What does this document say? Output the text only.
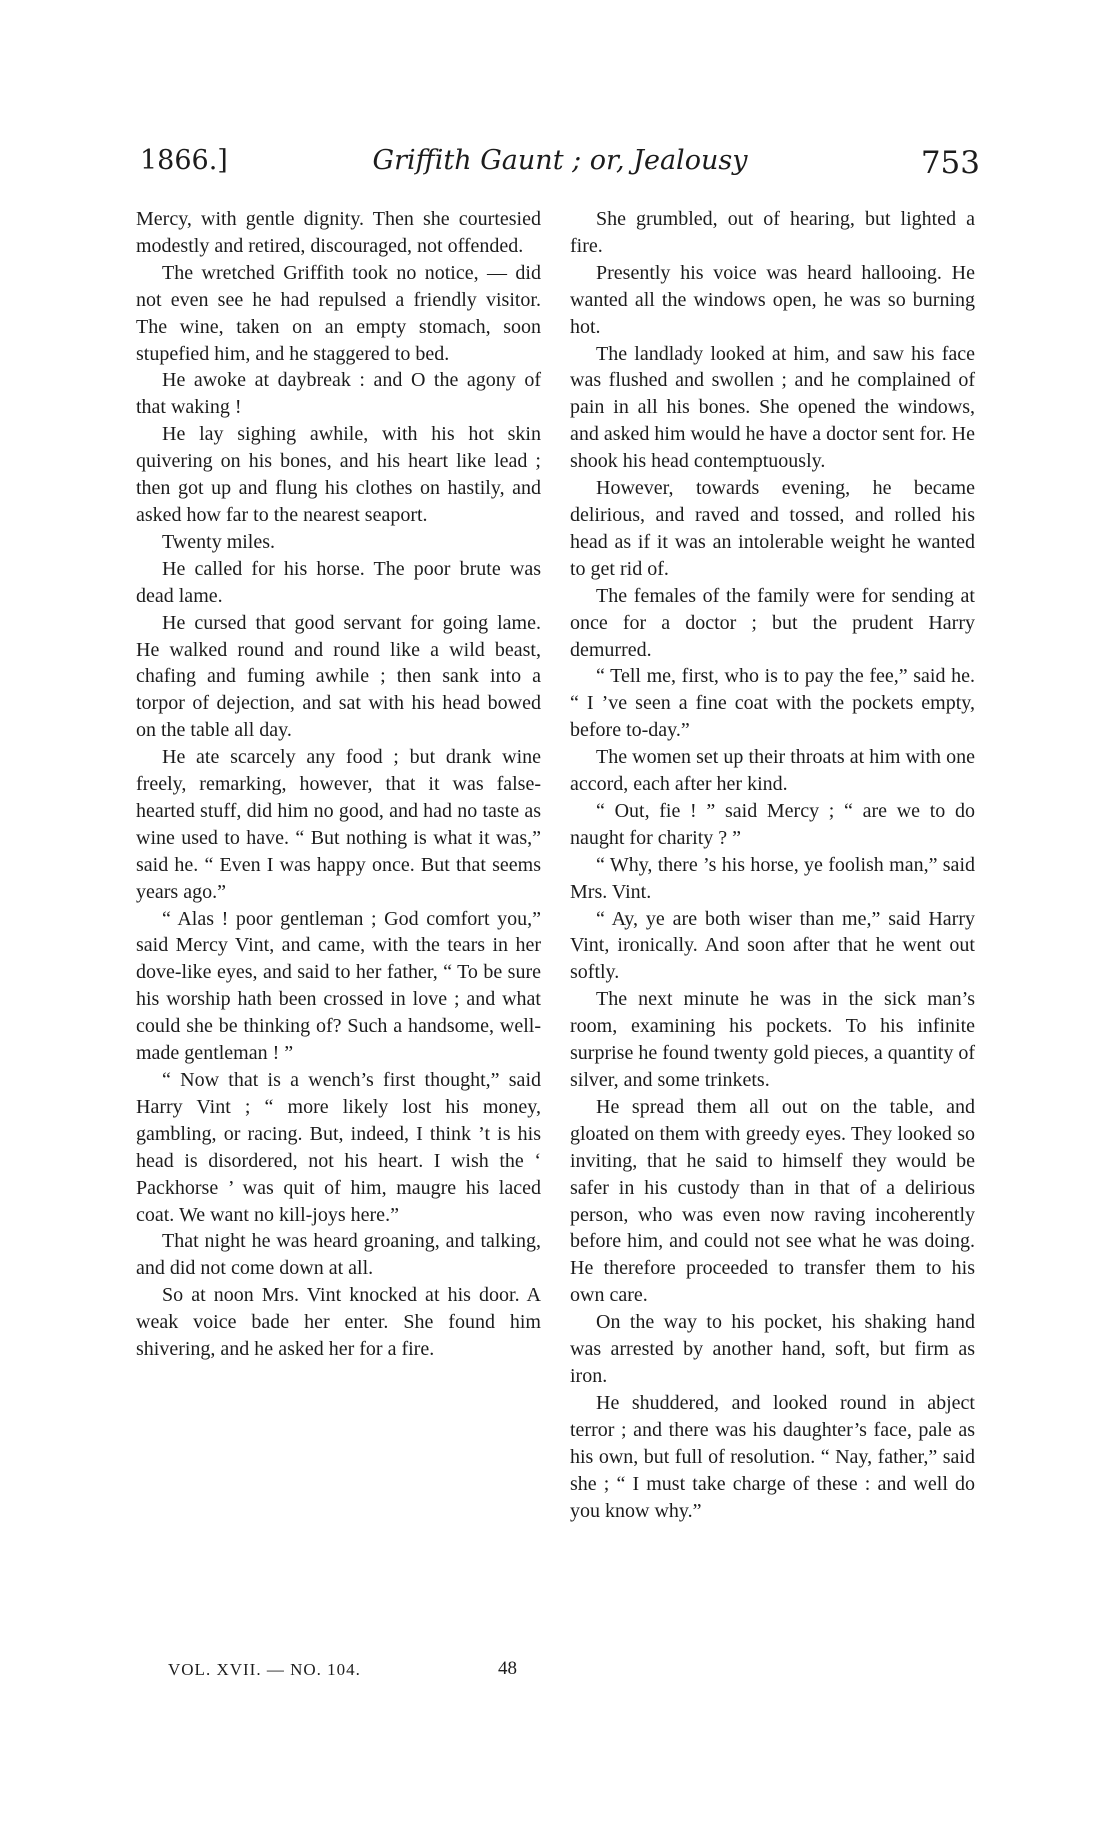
1866.]	Griffith Gaunt ; or, Jealousy	753

Mercy, with gentle dignity. Then she courtesied modestly and retired, discouraged, not offended.

The wretched Griffith took no notice, — did not even see he had repulsed a friendly visitor. The wine, taken on an empty stomach, soon stupefied him, and he staggered to bed.

He awoke at daybreak : and O the agony of that waking !

He lay sighing awhile, with his hot skin quivering on his bones, and his heart like lead ; then got up and flung his clothes on hastily, and asked how far to the nearest seaport.

Twenty miles.

He called for his horse. The poor brute was dead lame.

He cursed that good servant for going lame. He walked round and round like a wild beast, chafing and fuming awhile ; then sank into a torpor of dejection, and sat with his head bowed on the table all day.

He ate scarcely any food ; but drank wine freely, remarking, however, that it was false-hearted stuff, did him no good, and had no taste as wine used to have. “ But nothing is what it was,” said he. “ Even I was happy once. But that seems years ago.”

“ Alas ! poor gentleman ; God comfort you,” said Mercy Vint, and came, with the tears in her dove-like eyes, and said to her father, “ To be sure his worship hath been crossed in love ; and what could she be thinking of? Such a handsome, well-made gentleman ! ”

“ Now that is a wench’s first thought,” said Harry Vint ; “ more likely lost his money, gambling, or racing. But, indeed, I think ’t is his head is disordered, not his heart. I wish the ‘ Packhorse ’ was quit of him, maugre his laced coat. We want no kill-joys here.”

That night he was heard groaning, and talking, and did not come down at all.

So at noon Mrs. Vint knocked at his door. A weak voice bade her enter. She found him shivering, and he asked her for a fire.

She grumbled, out of hearing, but lighted a fire.

Presently his voice was heard hallooing. He wanted all the windows open, he was so burning hot.

The landlady looked at him, and saw his face was flushed and swollen ; and he complained of pain in all his bones. She opened the windows, and asked him would he have a doctor sent for. He shook his head contemptuously.

However, towards evening, he became delirious, and raved and tossed, and rolled his head as if it was an intolerable weight he wanted to get rid of.

The females of the family were for sending at once for a doctor ; but the prudent Harry demurred.

“ Tell me, first, who is to pay the fee,” said he. “ I ’ve seen a fine coat with the pockets empty, before to-day.”

The women set up their throats at him with one accord, each after her kind.

“ Out, fie ! ” said Mercy ; “ are we to do naught for charity ? ”

“ Why, there ’s his horse, ye foolish man,” said Mrs. Vint.

“ Ay, ye are both wiser than me,” said Harry Vint, ironically. And soon after that he went out softly.

The next minute he was in the sick man’s room, examining his pockets. To his infinite surprise he found twenty gold pieces, a quantity of silver, and some trinkets.

He spread them all out on the table, and gloated on them with greedy eyes. They looked so inviting, that he said to himself they would be safer in his custody than in that of a delirious person, who was even now raving incoherently before him, and could not see what he was doing. He therefore proceeded to transfer them to his own care.

On the way to his pocket, his shaking hand was arrested by another hand, soft, but firm as iron.

He shuddered, and looked round in abject terror ; and there was his daughter’s face, pale as his own, but full of resolution. “ Nay, father,” said she ; “ I must take charge of these : and well do you know why.”

VOL. XVII. — NO. 104.	48
